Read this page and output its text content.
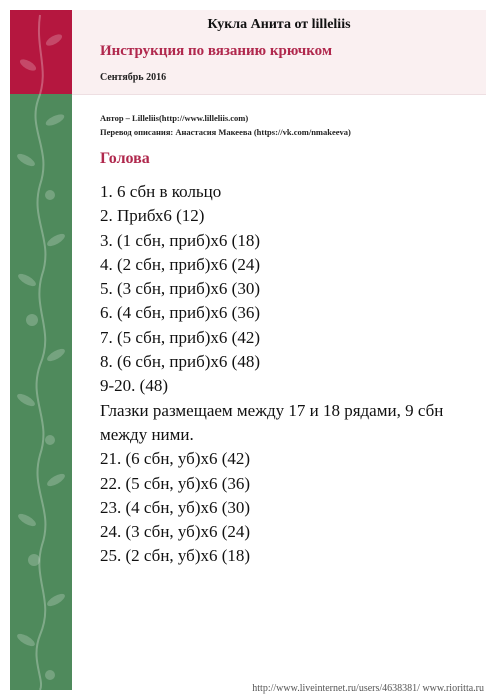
Кукла Анита от lilleliis
Инструкция по вязанию крючком
Сентябрь 2016
Автор – Lilleliis(http://www.lilleliis.com)
Перевод описания: Анастасия Макеева (https://vk.com/nmakeeva)
Голова
1. 6 сбн в кольцо
2. Прибх6 (12)
3. (1 сбн, приб)х6 (18)
4. (2 сбн, приб)х6 (24)
5. (3 сбн, приб)х6 (30)
6. (4 сбн, приб)х6 (36)
7. (5 сбн, приб)х6 (42)
8. (6 сбн, приб)х6 (48)
9-20. (48)
Глазки размещаем между 17 и 18 рядами, 9 сбн между ними.
21. (6 сбн, уб)х6 (42)
22. (5 сбн, уб)х6 (36)
23. (4 сбн, уб)х6 (30)
24. (3 сбн, уб)х6 (24)
25. (2 сбн, уб)х6 (18)
http://www.liveinternet.ru/users/4638381/ www.rioritta.ru
